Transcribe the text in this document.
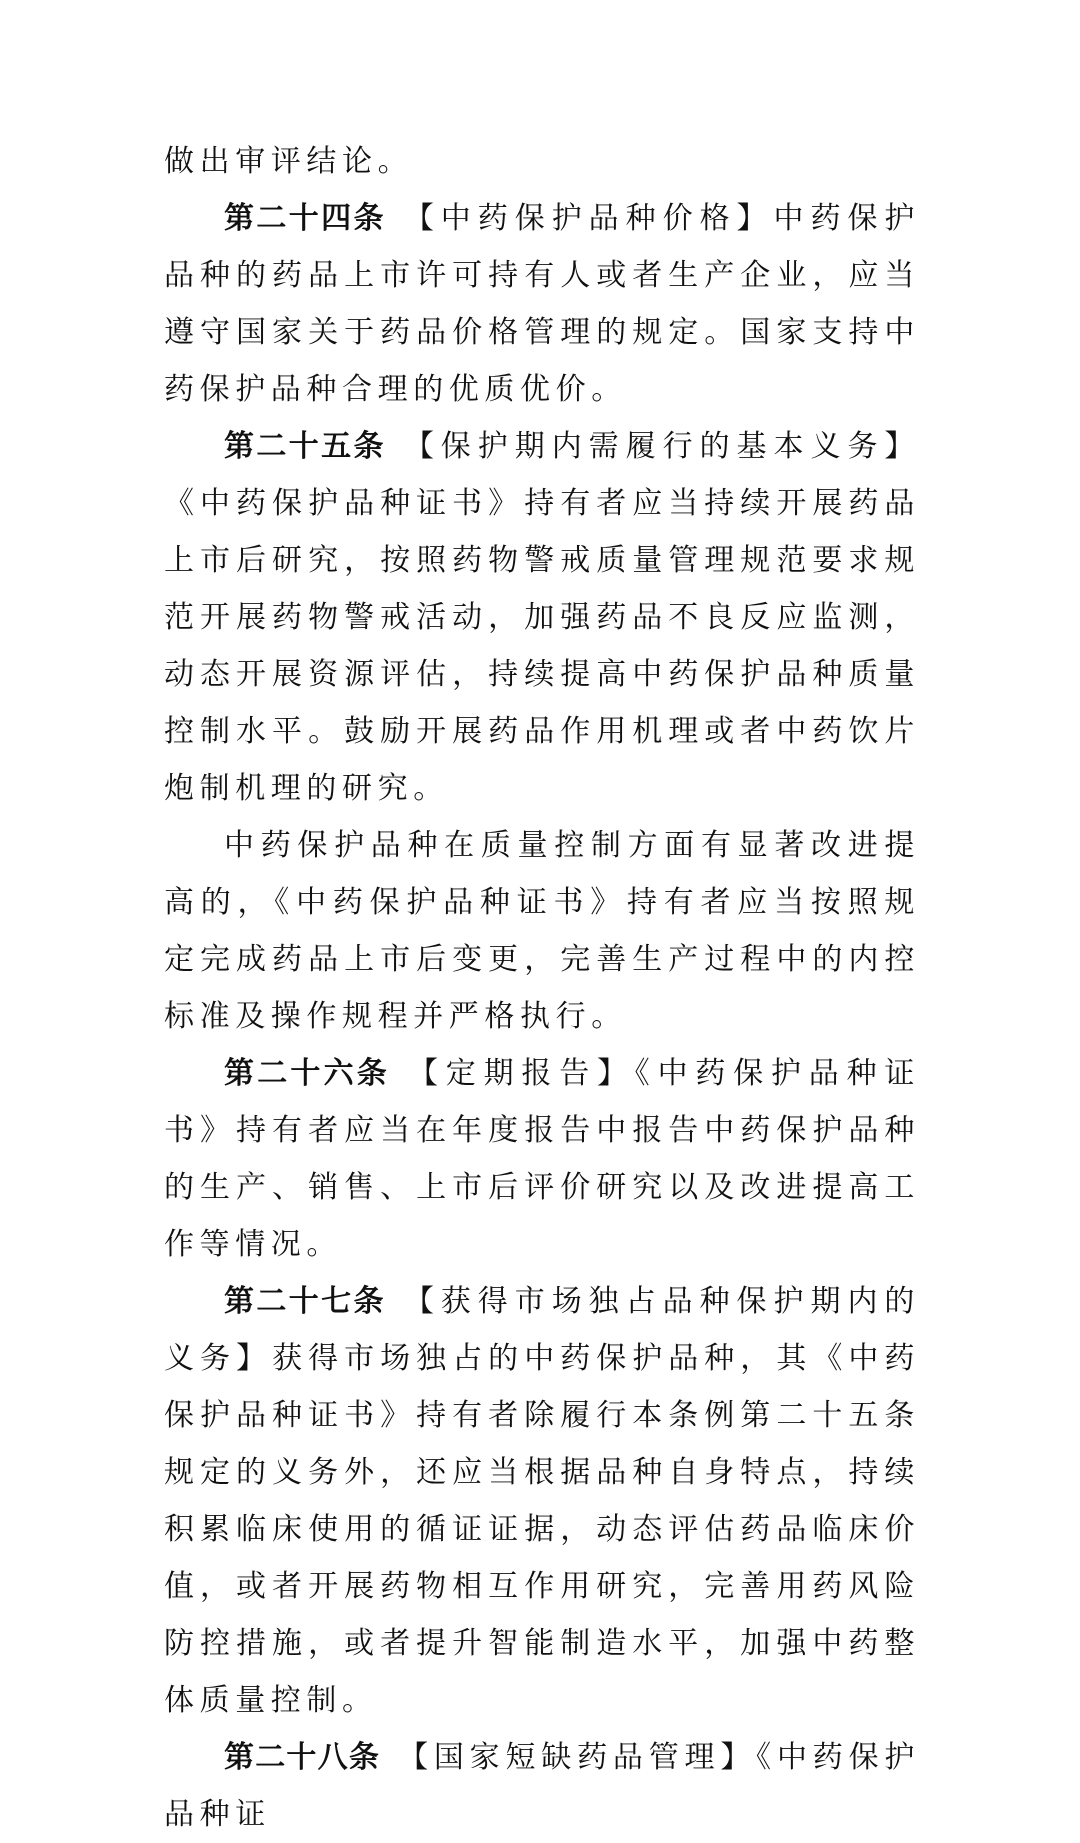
做出审评结论。

第二十四条 【中药保护品种价格】中药保护品种的药品上市许可持有人或者生产企业，应当遵守国家关于药品价格管理的规定。国家支持中药保护品种合理的优质优价。

第二十五条 【保护期内需履行的基本义务】《中药保护品种证书》持有者应当持续开展药品上市后研究，按照药物警戒质量管理规范要求规范开展药物警戒活动，加强药品不良反应监测，动态开展资源评估，持续提高中药保护品种质量控制水平。鼓励开展药品作用机理或者中药饮片炮制机理的研究。

中药保护品种在质量控制方面有显著改进提高的，《中药保护品种证书》持有者应当按照规定完成药品上市后变更，完善生产过程中的内控标准及操作规程并严格执行。

第二十六条 【定期报告】《中药保护品种证书》持有者应当在年度报告中报告中药保护品种的生产、销售、上市后评价研究以及改进提高工作等情况。

第二十七条 【获得市场独占品种保护期内的义务】获得市场独占的中药保护品种，其《中药保护品种证书》持有者除履行本条例第二十五条规定的义务外，还应当根据品种自身特点，持续积累临床使用的循证证据，动态评估药品临床价值，或者开展药物相互作用研究，完善用药风险防控措施，或者提升智能制造水平，加强中药整体质量控制。

第二十八条 【国家短缺药品管理】《中药保护品种证
